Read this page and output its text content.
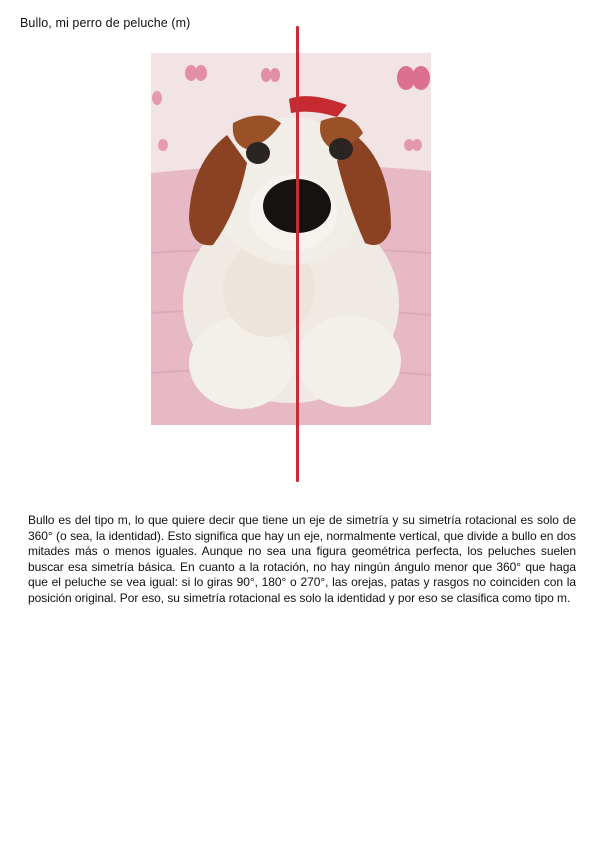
Bullo, mi perro de peluche (m)

Bullo es del tipo m, lo que quiere decir que tiene un eje de simetría y su simetría rotacional es solo de 360° (o sea, la identidad). Esto significa que hay un eje, normalmente vertical, que divide a bullo en dos mitades más o menos iguales. Aunque no sea una figura geométrica perfecta, los peluches suelen buscar esa simetría básica. En cuanto a la rotación, no hay ningún ángulo menor que 360° que haga que el peluche se vea igual: si lo giras 90°, 180° o 270°, las orejas, patas y rasgos no coinciden con la posición original. Por eso, su simetría rotacional es solo la identidad y por eso se clasifica como tipo m.
